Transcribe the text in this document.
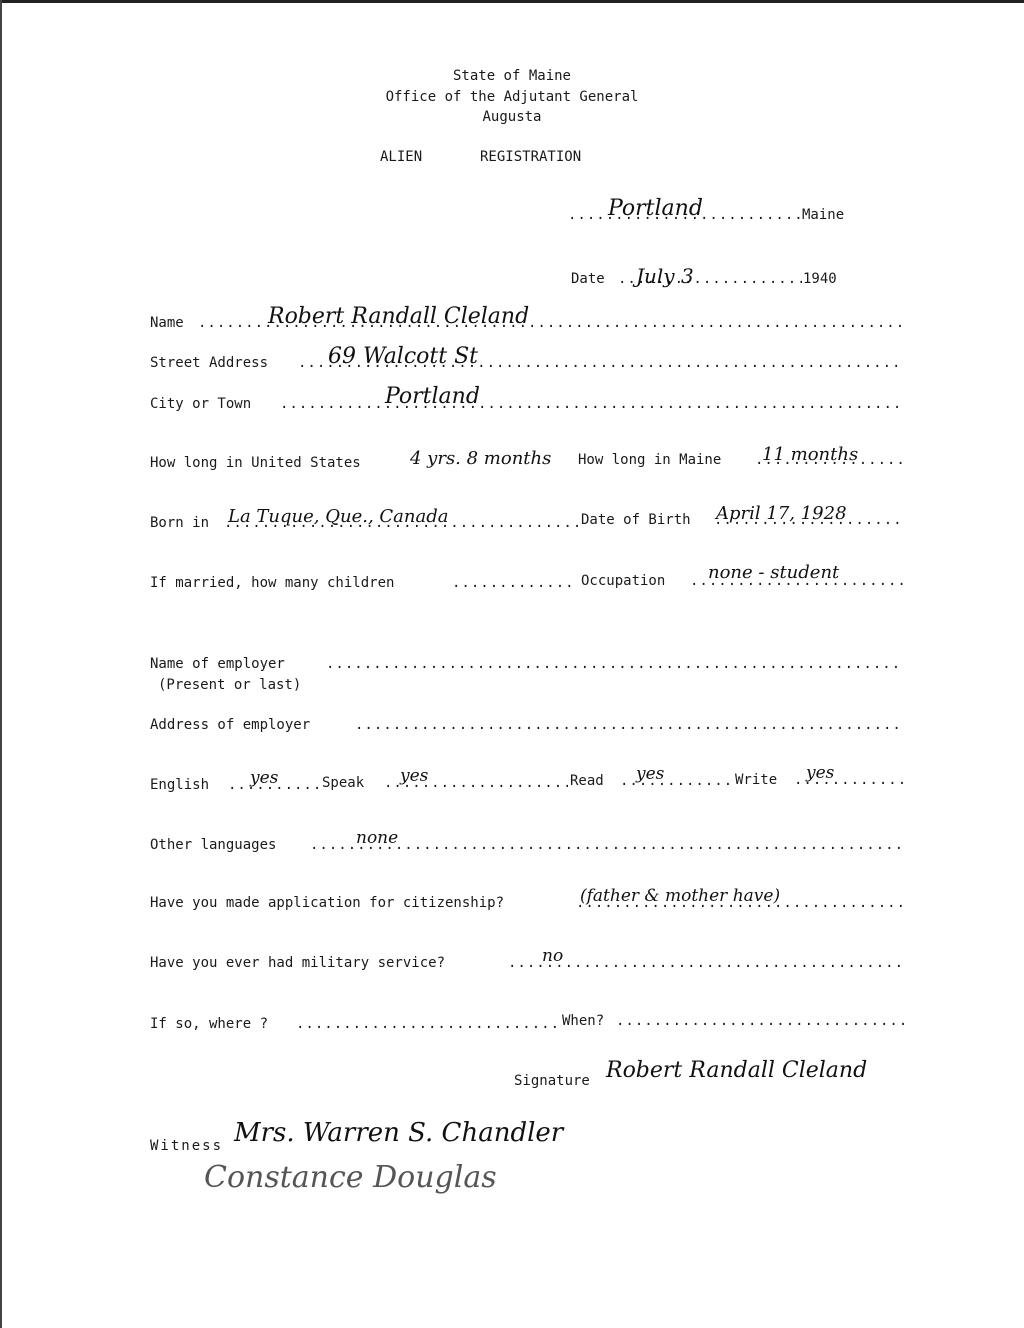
State of Maine
Office of the Adjutant General
Augusta
ALIEN	REGISTRATION
.....
Portland	Maine
Date ..... July 3	1940
Name .....	Robert Randall Cleland
Street Address .....	69 Walcott St
City or Town .....	Portland
How long in United States	4 yrs. 8 months How long in Maine ..... 11 months
Born in ..... La Tuque, Que., Canada	Date of Birth ..... April 17, 1928
If married, how many children .....	Occupation ..... none - student
Name of employer
.....
(Present or last)
Address of employer
.....
English ..... yes	Speak ..... yes	Read ..... yes	Write ..... yes
Other languages .....	none
Have you made application for citizenship? .....	(father & mother have)
Have you ever had military service? .....	no
If so, where ? .....	When?
.....
Signature Robert Randall Cleland
Witness Mrs. Warren S. Chandler
Constance Douglas
